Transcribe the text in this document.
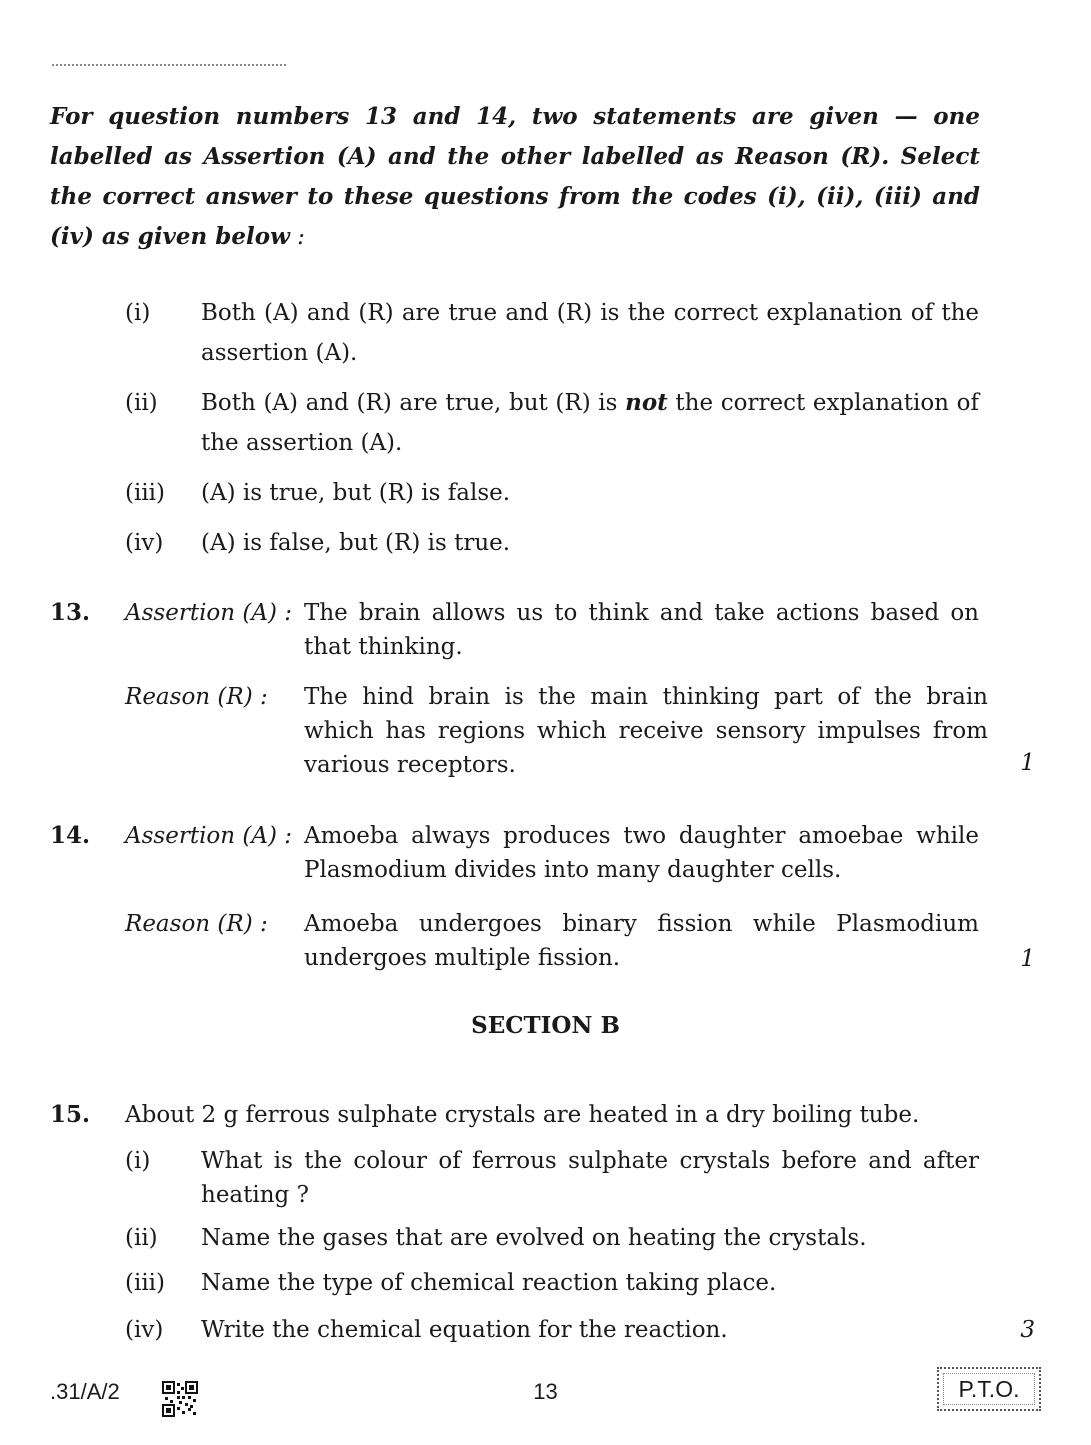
For question numbers 13 and 14, two statements are given — one labelled as Assertion (A) and the other labelled as Reason (R). Select the correct answer to these questions from the codes (i), (ii), (iii) and (iv) as given below :
(i)	Both (A) and (R) are true and (R) is the correct explanation of the assertion (A).
(ii)	Both (A) and (R) are true, but (R) is not the correct explanation of the assertion (A).
(iii)	(A) is true, but (R) is false.
(iv)	(A) is false, but (R) is true.
13. Assertion (A) : The brain allows us to think and take actions based on that thinking.
Reason (R) : The hind brain is the main thinking part of the brain which has regions which receive sensory impulses from various receptors.	1
14. Assertion (A) : Amoeba always produces two daughter amoebae while Plasmodium divides into many daughter cells.
Reason (R) : Amoeba undergoes binary fission while Plasmodium undergoes multiple fission.	1
SECTION B
15. About 2 g ferrous sulphate crystals are heated in a dry boiling tube.
(i)	What is the colour of ferrous sulphate crystals before and after heating ?
(ii)	Name the gases that are evolved on heating the crystals.
(iii)	Name the type of chemical reaction taking place.
(iv)	Write the chemical equation for the reaction.	3
.31/A/2	13	P.T.O.
